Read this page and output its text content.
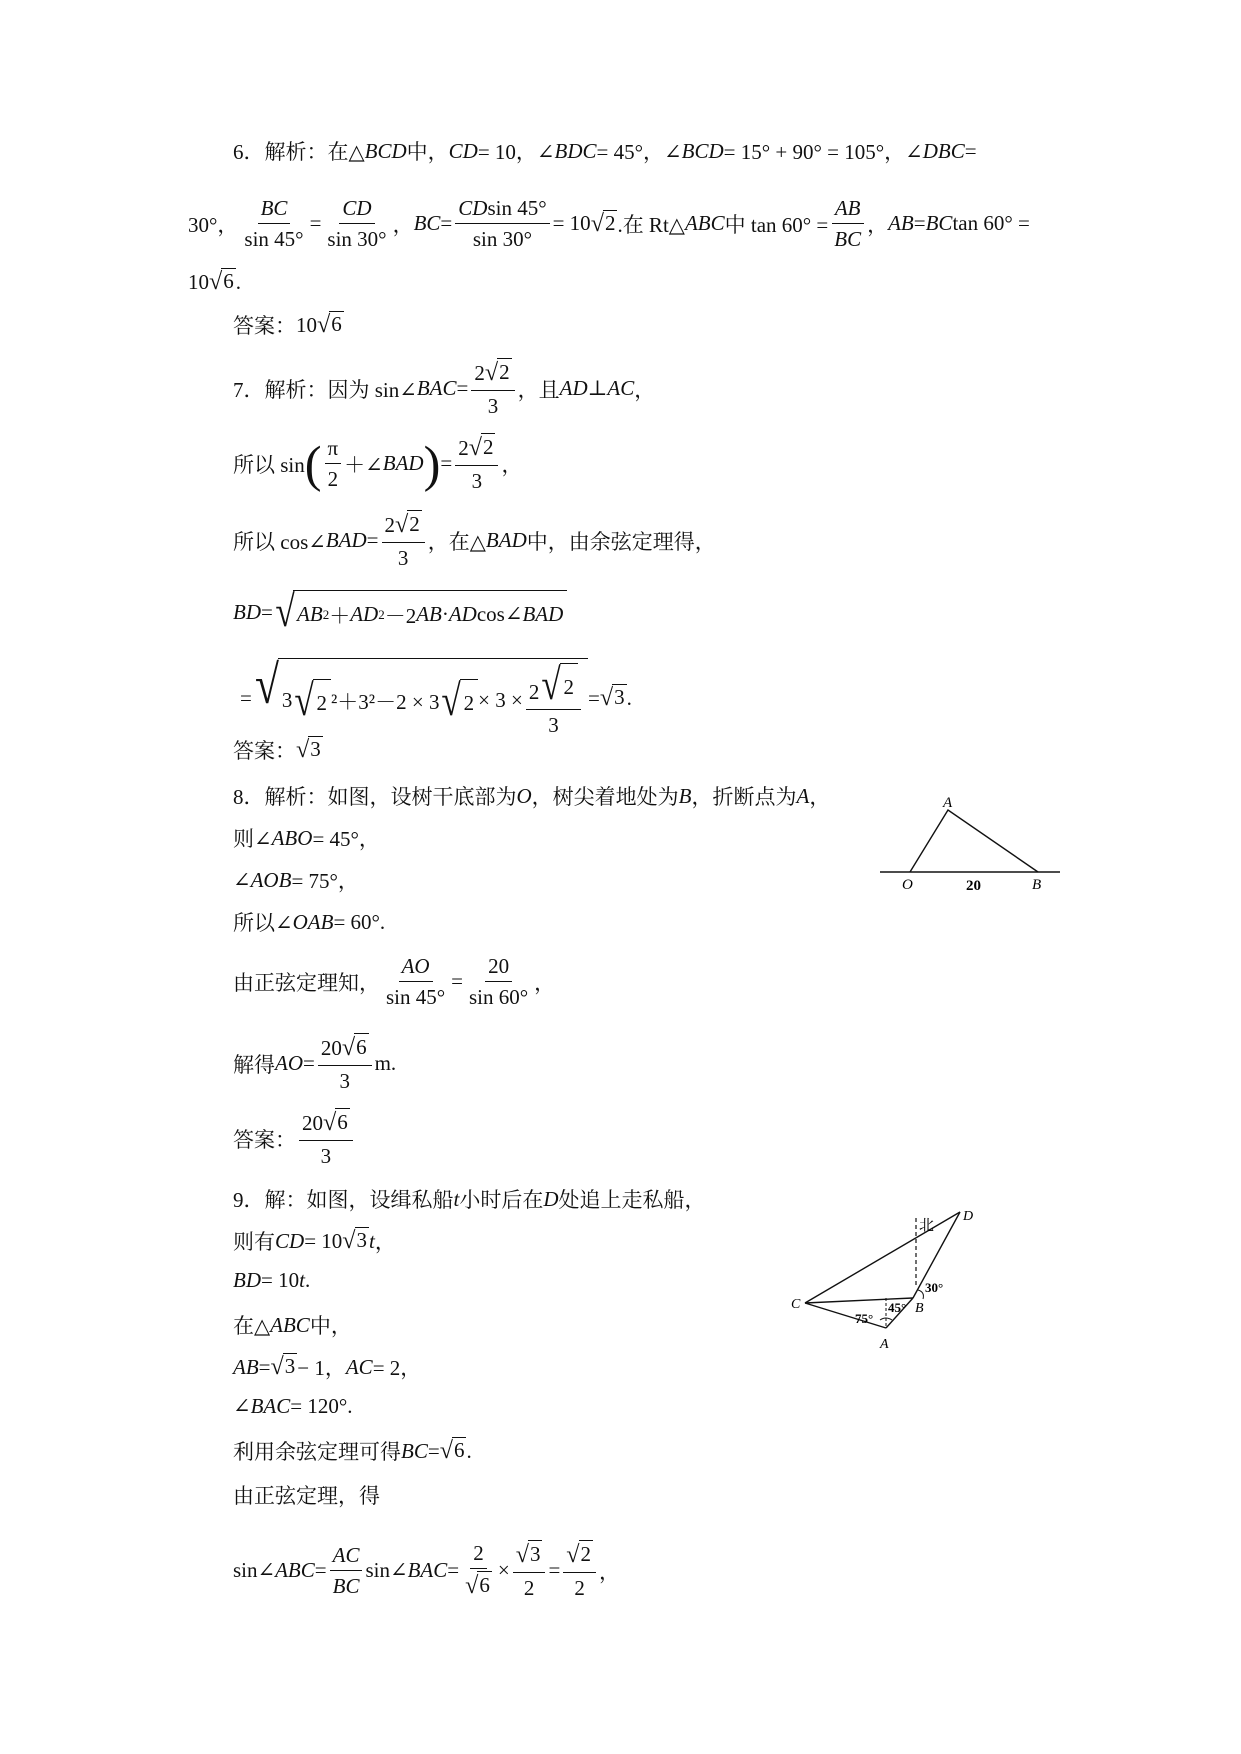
6．解析：在△ BCD 中， CD = 10，∠ BDC = 45°，∠ BCD = 15° + 90° = 105°，∠ DBC =
30°， $\frac{BC}{\sin 45^\circ} = \frac{CD}{\sin 30^\circ}$ ， BC = $\frac{CDsin 45^\circ}{\sin 30^\circ} = 10$ √ 2 .在 Rt△ ABC 中 $\tan 60^\circ = \frac{AB}{BC}$ ， AB = BC tan 60° =
10 √ 6 .
答案： 10 √ 6
7．解析：因为 sin∠ BAC = $\frac{2 √ 2}{3}$ ，且 AD ⊥ AC ，
所以 sin ( $\frac{\pi}{2}$ ＋∠ BAD ) = $\frac{2 √ 2}{3}$ ，
所以 cos∠ BAD = $\frac{2 √ 2}{3}$ ，在△ BAD 中，由余弦定理得，
BD = √ AB 2 ＋ AD 2 －2 AB · AD cos∠ BAD
= √ 3 √ 2 ²＋3²－2 × 3 √ $2 \times 3 \times \frac{2 √ 2}{3}$ = √ 3 .
答案： √ 3
8．解析：如图，设树干底部为 O ，树尖着地处为 B ，折断点为 A ，
则∠ ABO = 45°，
∠ AOB = 75°，
所以∠ OAB = 60°.
由正弦定理知， $\frac{AO}{\sin 45^\circ} = \frac{20}{\sin 60^\circ}$ ，
解得 AO = $\frac{20 √ 6}{3} m$.
答案： $\frac{20 √ 6}{3}$
A
O	20	B
9．解：如图，设缉私船 t 小时后在 D 处追上走私船，
则有 CD = 10 √ 3 t ，
BD = 10 t .
在△ ABC 中，
AB = √ 3 − 1， AC = 2，
∠ BAC = 120°.
利用余弦定理可得 BC = √ 6 .
由正弦定理，得
sin∠ ABC = $\frac{AC}{BC}$ sin∠ BAC = $\frac{2}{√ 6} \times \frac{√ 3}{2} = \frac{√ 2}{2}$ ，
北
D
C	B
A
30°
75°
45°
